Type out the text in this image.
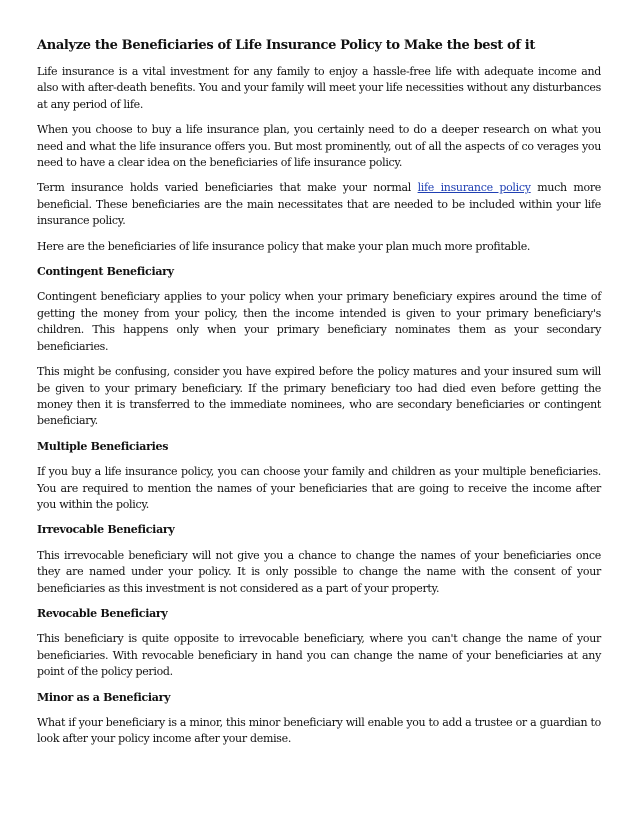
Analyze the Beneficiaries of Life Insurance Policy to Make the best of it

Life insurance is a vital investment for any family to enjoy a hassle-free life with adequate income and also with after-death benefits. You and your family will meet your life necessities without any disturbances at any period of life.

When you choose to buy a life insurance plan, you certainly need to do a deeper research on what you need and what the life insurance offers you. But most prominently, out of all the aspects of co verages you need to have a clear idea on the beneficiaries of life insurance policy.

Term insurance holds varied beneficiaries that make your normal life insurance policy much more beneficial. These beneficiaries are the main necessitates that are needed to be included within your life insurance policy.

Here are the beneficiaries of life insurance policy that make your plan much more profitable.

Contingent Beneficiary

Contingent beneficiary applies to your policy when your primary beneficiary expires around the time of getting the money from your policy, then the income intended is given to your primary beneficiary's children. This happens only when your primary beneficiary nominates them as your secondary beneficiaries.

This might be confusing, consider you have expired before the policy matures and your insured sum will be given to your primary beneficiary. If the primary beneficiary too had died even before getting the money then it is transferred to the immediate nominees, who are secondary beneficiaries or contingent beneficiary.

Multiple Beneficiaries

If you buy a life insurance policy, you can choose your family and children as your multiple beneficiaries. You are required to mention the names of your beneficiaries that are going to receive the income after you within the policy.

Irrevocable Beneficiary

This irrevocable beneficiary will not give you a chance to change the names of your beneficiaries once they are named under your policy. It is only possible to change the name with the consent of your beneficiaries as this investment is not considered as a part of your property.

Revocable Beneficiary

This beneficiary is quite opposite to irrevocable beneficiary, where you can't change the name of your beneficiaries. With revocable beneficiary in hand you can change the name of your beneficiaries at any point of the policy period.

Minor as a Beneficiary

What if your beneficiary is a minor, this minor beneficiary will enable you to add a trustee or a guardian to look after your policy income after your demise.
